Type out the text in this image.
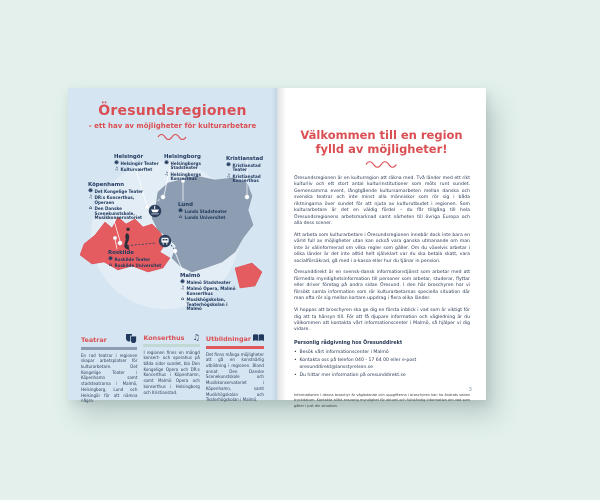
Öresundsregionen
- ett hav av möjligheter för kulturarbetare
Helsingör
☻
Helsingör Teater
♫
Kulturværftet
Helsingborg
☻
Helsingborgs Stadsteater
♫
Helsingborgs Konserthus
Kristianstad
☻
Kristianstad Teater
♫
Kristianstad Konserthus
Köpenhamn
☻
Det Kongelige Teater
♫
DR:s Koncerthus, Operaen
⌂
Den Danske Scenekunstskole, Musikkonservatoriet
Lund
☻
Lunds Stadsteater
⌂
Lunds Universitet
Roskilde
☻
Roskilde Teater
⌂
Roskilde Universitet
Malmö
☻
Malmö Stadsteater
♫
Malmö Opera, Malmö Konserthus
⌂
Musikhögskolan, Teaterhögskolan i Malmö
Teatrar
En rad teatrar i regionen skapar arbetsplatser för kulturarbetare. Det Kongelige Teater i Köpenhamn samt stadsteatrarna i Malmö, Helsingborg, Lund och Helsingör för att nämna några.
Konserthus ♫
I regionen finns en mängd konsert- och operahus på båda sidor sundet, bla Den Kongelige Opera och DR:s Koncerthus i Köpenhamn, samt Malmö Opera och konserthus i Helsingborg och Kristianstad.
Utbildningar
Det finns många möjligheter att gå en konstnärlig utbildning i regionen. Bland annat Den Danske Scenekunstskole och Musikkonservatoriet i Köpenhamn, samt Musikhögskolan och Teaterhögskolan i Malmö.
Välkommen till en region
fylld av möjligheter!

Öresundsregionen är en kulturregion att räkna med. Två länder med ett rikt kulturliv och ett stort antal kulturinstitutioner som möts runt sundet. Gemensamma event, långtgående kultursamarbeten mellan danska och svenska teatrar och inte minst alla människor som rör sig i båda riktningarna över sundet för att njuta av kulturutbudet i regionen. Som kulturarbetare är det en väldig fördel – du får tillgång till hela Öresundsregionens arbetsmarknad samt närheten till övriga Europa och alla dess scener.

Att arbeta som kulturarbetare i Öresundsregionen innebär dock inte bara en värld full av möjligheter utan kan också vara ganska utmanande om man inte är välinformerad om vilka regler som gäller. Om du växelvis arbetar i olika länder är det inte alltid helt självklart var du ska betala skatt, vara socialförsäkrad, gå med i a-kassa eller hur du tjänar in pension.

Öresunddirekt är en svensk-dansk informationstjänst som arbetar med att förmedla myndighetsinformation till personer som arbetar, studerar, flyttar eller driver företag på andra sidan Öresund. I den här broschyren har vi försökt samla information som rör kulturarbetarnas speciella situation där man ofta rör sig mellan kortare uppdrag i flera olika länder.

Vi hoppas att broschyren ska ge dig en första inblick i vad som är viktigt för dig att ta hänsyn till. För att få djupare information och vägledning är du välkommen att kontakta vårt informationscenter i Malmö, så hjälper vi dig vidare.

Personlig rådgivning hos Öresunddirekt
• Besök vårt informationscenter i Malmö
• Kontakta oss på telefon 040 - 17 64 00 eller e-post oresunddirekt@lansstyrelsen.se
• Du hittar mer information på oresunddirekt.se
Informationen i denna broschyr är vägledande och uppgifterna i broschyren kan ha ändrats sedan tryckdatum. Kontakta alltid ansvarig myndighet för aktuell och fullständig information om vad som gäller i just din situation.
3
